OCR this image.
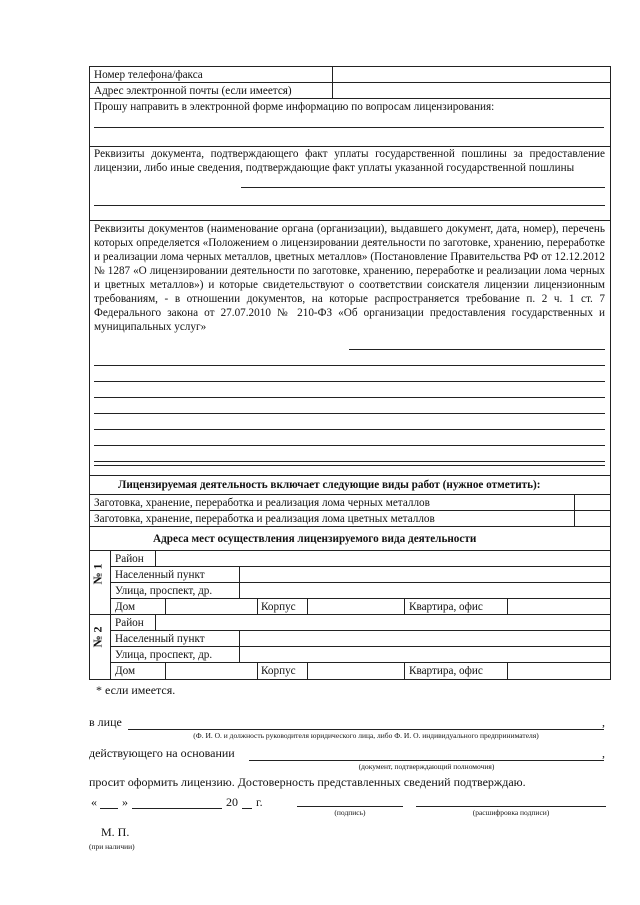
Номер телефона/факса
Адрес электронной почты (если имеется)
Прошу направить в электронной форме информацию по вопросам лицензирования:
Реквизиты документа, подтверждающего факт уплаты государственной пошлины за предоставление лицензии, либо иные сведения, подтверждающие факт уплаты указанной государственной пошлины
Реквизиты документов (наименование органа (организации), выдавшего документ, дата, номер), перечень которых определяется «Положением о лицензировании деятельности по заготовке, хранению, переработке и реализации лома черных металлов, цветных металлов» (Постановление Правительства РФ от 12.12.2012 № 1287 «О лицензировании деятельности по заготовке, хранению, переработке и реализации лома черных и цветных металлов») и которые свидетельствуют о соответствии соискателя лицензии лицензионным требованиям, - в отношении документов, на которые распространяется требование п. 2 ч. 1 ст. 7 Федерального закона от 27.07.2010 № 210-ФЗ «Об организации предоставления государственных и муниципальных услуг»
Лицензируемая деятельность включает следующие виды работ (нужное отметить):
Заготовка, хранение, переработка и реализация лома черных металлов
Заготовка, хранение, переработка и реализация лома цветных металлов
Адреса мест осуществления лицензируемого вида деятельности
№ 1
Район
Населенный пункт
Улица, проспект, др.
Дом	Корпус	Квартира, офис
№ 2
Район
Населенный пункт
Улица, проспект, др.
Дом	Корпус	Квартира, офис
* если имеется.
в лице	,
(Ф. И. О. и должность руководителя юридического лица, либо Ф. И. О. индивидуального предпринимателя)
действующего на основании	,
(документ, подтверждающий полномочия)
просит оформить лицензию. Достоверность представленных сведений подтверждаю.
« »	20 г.
(подпись)	(расшифровка подписи)
М. П.
(при наличии)
